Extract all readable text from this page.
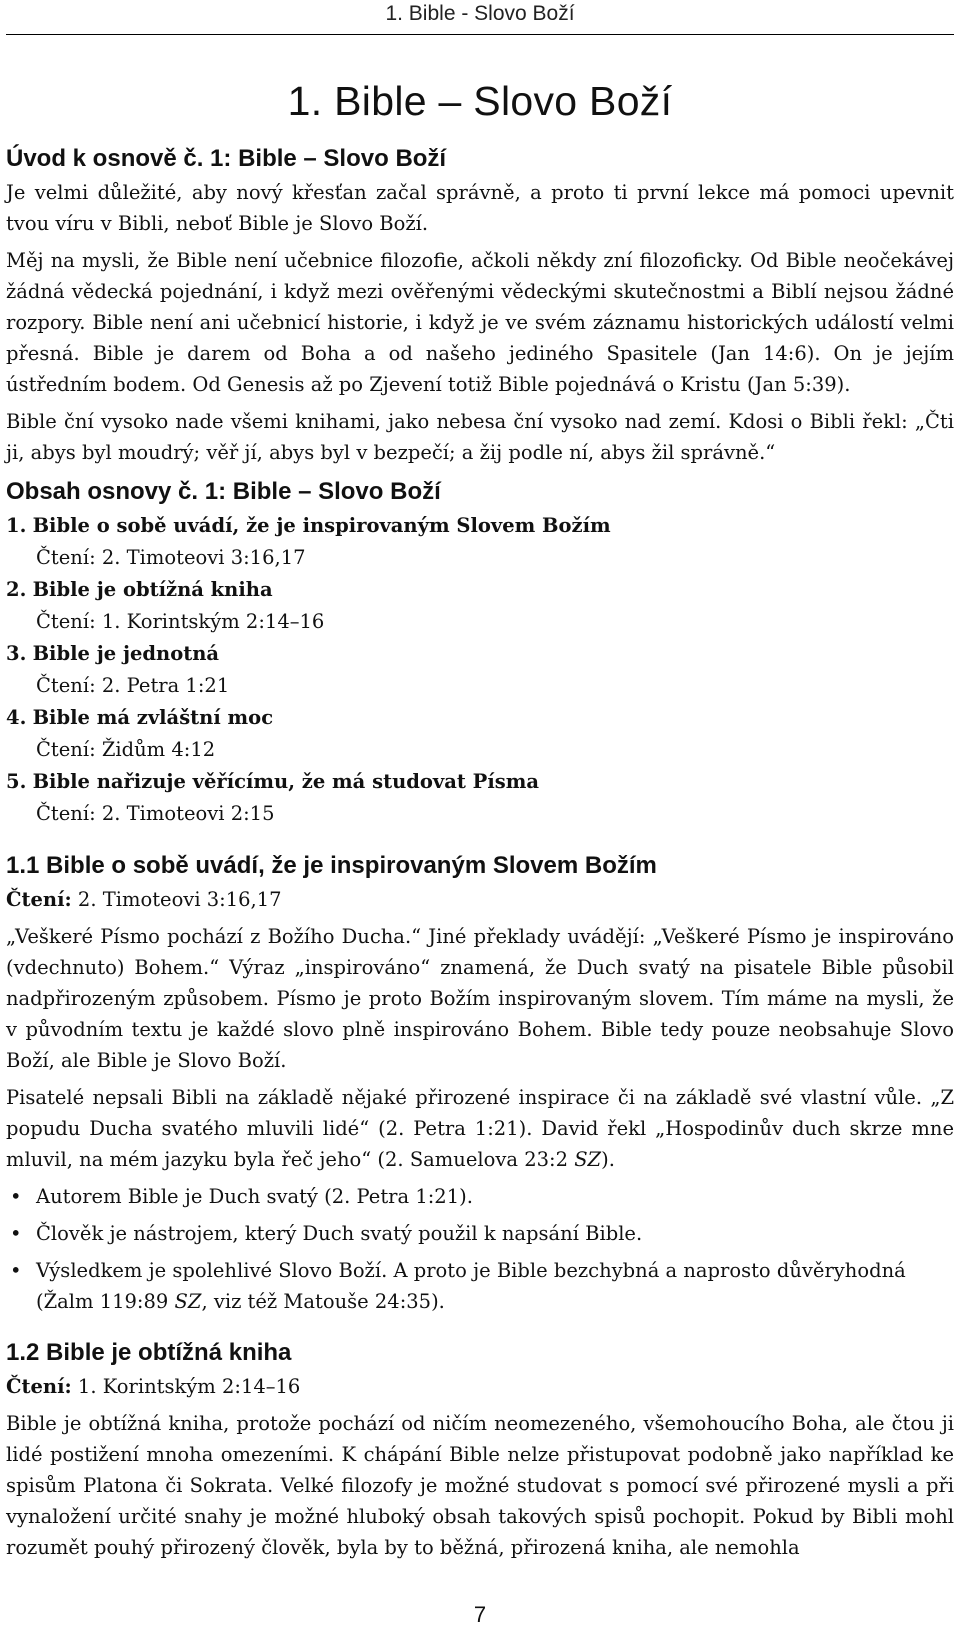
1. Bible - Slovo Boží
1. Bible – Slovo Boží
Úvod k osnově č. 1: Bible – Slovo Boží

Je velmi důležité, aby nový křesťan začal správně, a proto ti první lekce má pomoci upevnit tvou víru v Bibli, neboť Bible je Slovo Boží.

Měj na mysli, že Bible není učebnice filozofie, ačkoli někdy zní filozoficky. Od Bible neočekávej žádná vědecká pojednání, i když mezi ověřenými vědeckými skutečnostmi a Biblí nejsou žádné rozpory. Bible není ani učebnicí historie, i když je ve svém záznamu historických událostí velmi přesná. Bible je darem od Boha a od našeho jediného Spasitele (Jan 14:6). On je jejím ústředním bodem. Od Genesis až po Zjevení totiž Bible pojednává o Kristu (Jan 5:39).

Bible ční vysoko nade všemi knihami, jako nebesa ční vysoko nad zemí. Kdosi o Bibli řekl: „Čti ji, abys byl moudrý; věř jí, abys byl v bezpečí; a žij podle ní, abys žil správně.“

Obsah osnovy č. 1: Bible – Slovo Boží
1. Bible o sobě uvádí, že je inspirovaným Slovem Božím
Čtení: 2. Timoteovi 3:16,17
2. Bible je obtížná kniha
Čtení: 1. Korintským 2:14–16
3. Bible je jednotná
Čtení: 2. Petra 1:21
4. Bible má zvláštní moc
Čtení: Židům 4:12
5. Bible nařizuje věřícímu, že má studovat Písma
Čtení: 2. Timoteovi 2:15
1.1 Bible o sobě uvádí, že je inspirovaným Slovem Božím
Čtení: 2. Timoteovi 3:16,17

„Veškeré Písmo pochází z Božího Ducha.“ Jiné překlady uvádějí: „Veškeré Písmo je inspirováno (vdechnuto) Bohem.“ Výraz „inspirováno“ znamená, že Duch svatý na pisatele Bible působil nadpřirozeným způsobem. Písmo je proto Božím inspirovaným slovem. Tím máme na mysli, že v původním textu je každé slovo plně inspirováno Bohem. Bible tedy pouze neobsahuje Slovo Boží, ale Bible je Slovo Boží.

Pisatelé nepsali Bibli na základě nějaké přirozené inspirace či na základě své vlastní vůle. „Z popudu Ducha svatého mluvili lidé“ (2. Petra 1:21). David řekl „Hospodinův duch skrze mne mluvil, na mém jazyku byla řeč jeho“ (2. Samuelova 23:2 SZ).

• Autorem Bible je Duch svatý (2. Petra 1:21).
• Člověk je nástrojem, který Duch svatý použil k napsání Bible.
• Výsledkem je spolehlivé Slovo Boží. A proto je Bible bezchybná a naprosto důvěryhodná (Žalm 119:89 SZ, viz též Matouše 24:35).
1.2 Bible je obtížná kniha
Čtení: 1. Korintským 2:14–16

Bible je obtížná kniha, protože pochází od ničím neomezeného, všemohoucího Boha, ale čtou ji lidé postižení mnoha omezeními. K chápání Bible nelze přistupovat podobně jako například ke spisům Platona či Sokrata. Velké filozofy je možné studovat s pomocí své přirozené mysli a při vynaložení určité snahy je možné hluboký obsah takových spisů pochopit. Pokud by Bibli mohl rozumět pouhý přirozený člověk, byla by to běžná, přirozená kniha, ale nemohla

7
